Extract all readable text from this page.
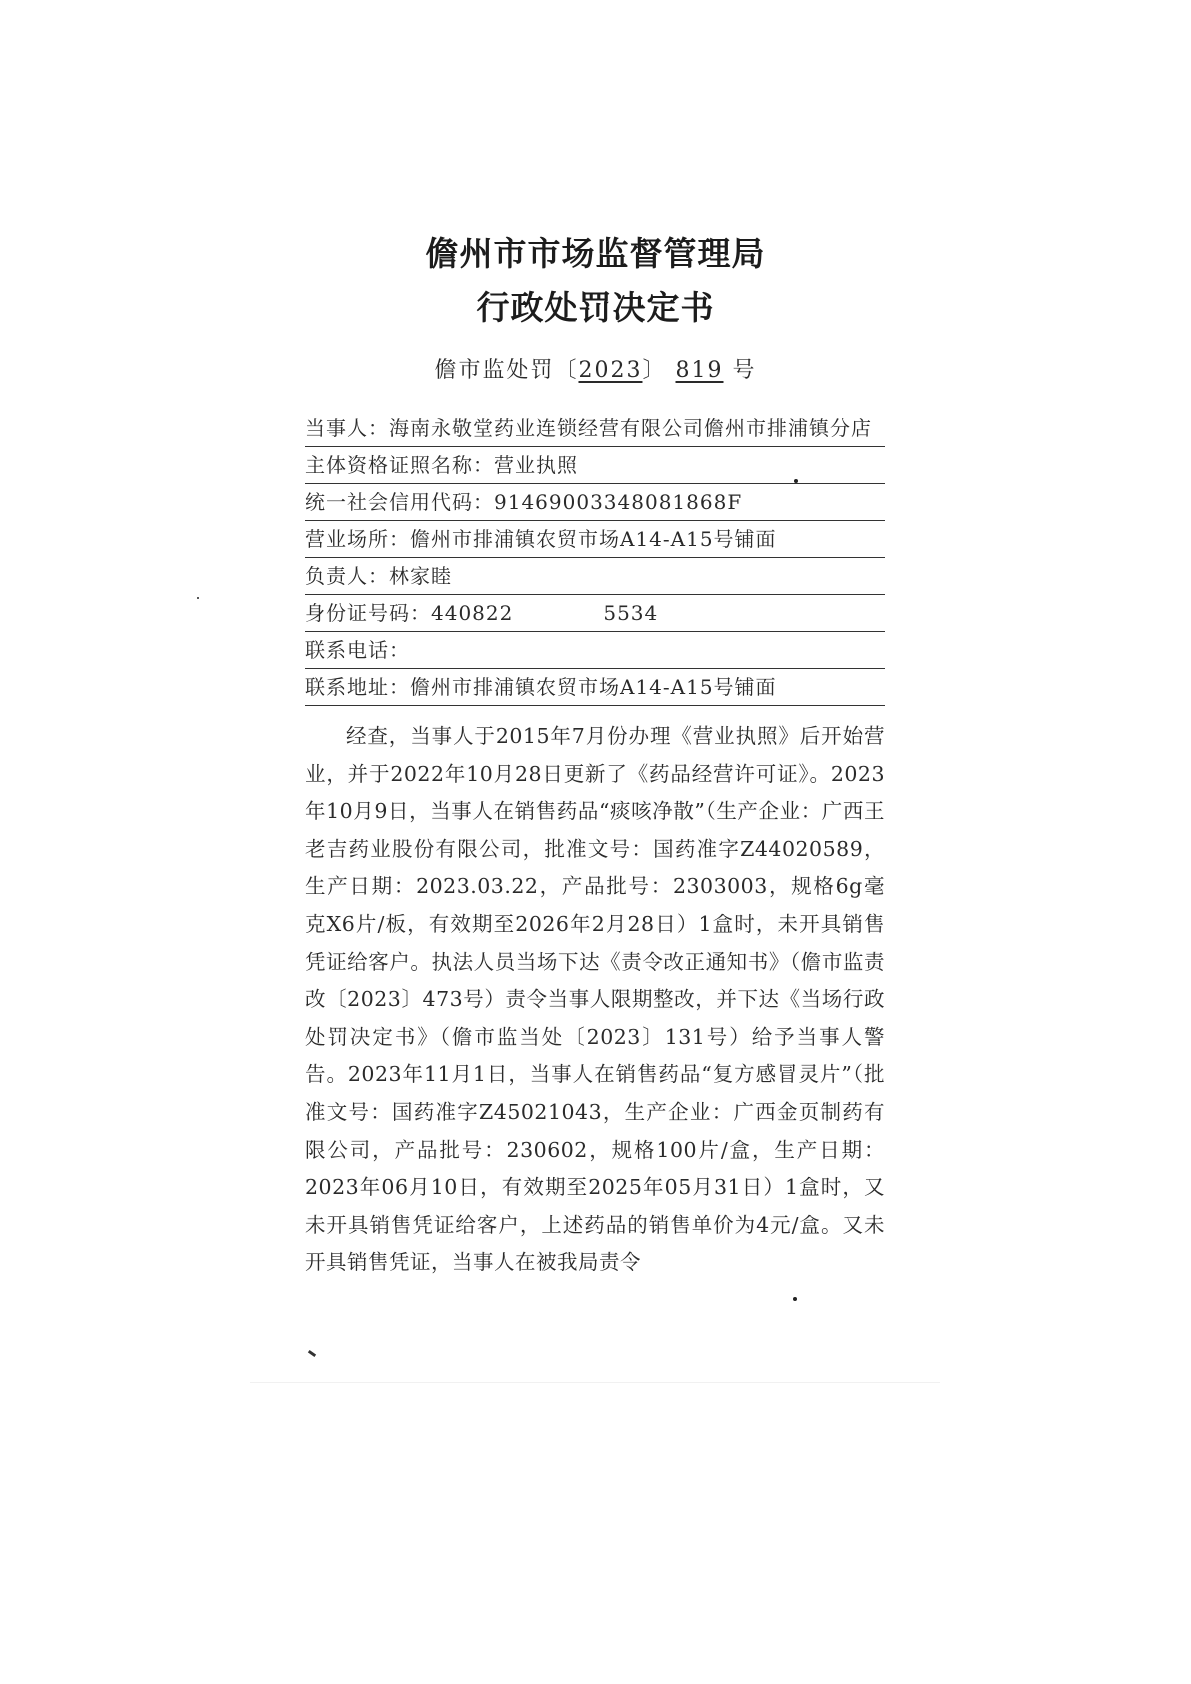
儋州市市场监督管理局
行政处罚决定书
儋市监处罚〔2023〕 819 号
当事人：海南永敬堂药业连锁经营有限公司儋州市排浦镇分店
主体资格证照名称：营业执照
统一社会信用代码：91469003348081868F
营业场所：儋州市排浦镇农贸市场A14-A15号铺面
负责人：林家睦
身份证号码：440822	5534
联系电话：
联系地址：儋州市排浦镇农贸市场A14-A15号铺面

经查，当事人于2015年7月份办理《营业执照》后开始营业，并于2022年10月28日更新了《药品经营许可证》。2023年10月9日，当事人在销售药品“痰咳净散”（生产企业：广西王老吉药业股份有限公司，批准文号：国药准字Z44020589，生产日期：2023.03.22，产品批号：2303003，规格6g毫克X6片/板，有效期至2026年2月28日）1盒时，未开具销售凭证给客户。执法人员当场下达《责令改正通知书》（儋市监责改〔2023〕473号）责令当事人限期整改，并下达《当场行政处罚决定书》（儋市监当处〔2023〕131号）给予当事人警告。2023年11月1日，当事人在销售药品“复方感冒灵片”（批准文号：国药准字Z45021043，生产企业：广西金页制药有限公司，产品批号：230602，规格100片/盒，生产日期：2023年06月10日，有效期至2025年05月31日）1盒时，又未开具销售凭证给客户，上述药品的销售单价为4元/盒。又未开具销售凭证，当事人在被我局责令
